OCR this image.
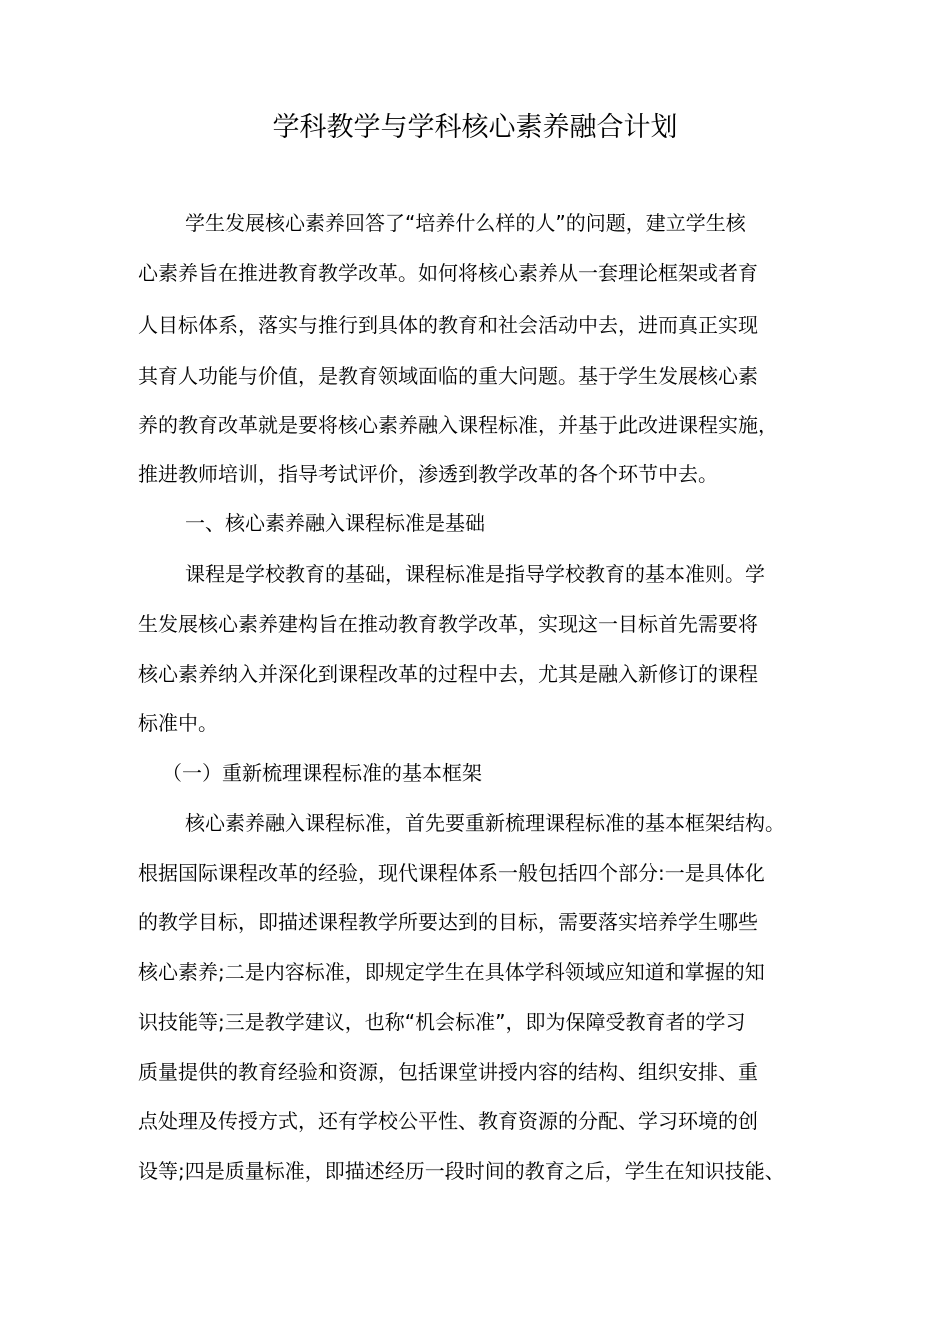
学科教学与学科核心素养融合计划

学生发展核心素养回答了“培养什么样的人”的问题，建立学生核

心素养旨在推进教育教学改革。如何将核心素养从一套理论框架或者育

人目标体系，落实与推行到具体的教育和社会活动中去，进而真正实现

其育人功能与价值，是教育领域面临的重大问题。基于学生发展核心素

养的教育改革就是要将核心素养融入课程标准，并基于此改进课程实施，

推进教师培训，指导考试评价，渗透到教学改革的各个环节中去。

一、核心素养融入课程标准是基础

课程是学校教育的基础，课程标准是指导学校教育的基本准则。学

生发展核心素养建构旨在推动教育教学改革，实现这一目标首先需要将

核心素养纳入并深化到课程改革的过程中去，尤其是融入新修订的课程

标准中。

（一）重新梳理课程标准的基本框架

核心素养融入课程标准，首先要重新梳理课程标准的基本框架结构。

根据国际课程改革的经验，现代课程体系一般包括四个部分:一是具体化

的教学目标，即描述课程教学所要达到的目标，需要落实培养学生哪些

核心素养;二是内容标准，即规定学生在具体学科领域应知道和掌握的知

识技能等;三是教学建议，也称“机会标准”，即为保障受教育者的学习

质量提供的教育经验和资源，包括课堂讲授内容的结构、组织安排、重

点处理及传授方式，还有学校公平性、教育资源的分配、学习环境的创

设等;四是质量标准，即描述经历一段时间的教育之后，学生在知识技能、
